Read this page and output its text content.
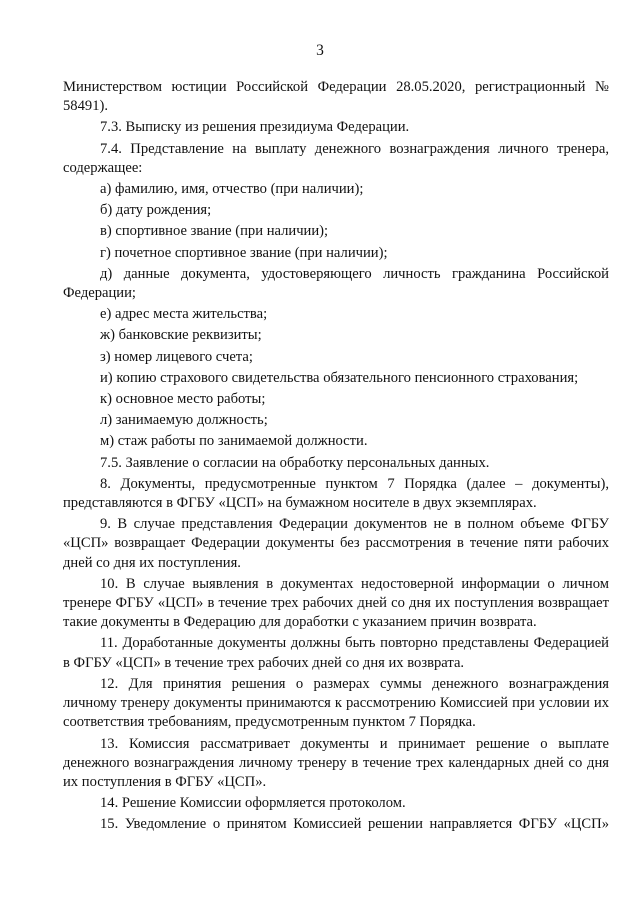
3

Министерством юстиции Российской Федерации 28.05.2020, регистрационный № 58491).

7.3. Выписку из решения президиума Федерации.

7.4. Представление на выплату денежного вознаграждения личного тренера, содержащее:

а) фамилию, имя, отчество (при наличии);

б) дату рождения;

в) спортивное звание (при наличии);

г) почетное спортивное звание (при наличии);

д) данные документа, удостоверяющего личность гражданина Российской Федерации;

е) адрес места жительства;

ж) банковские реквизиты;

з) номер лицевого счета;

и) копию страхового свидетельства обязательного пенсионного страхования;

к) основное место работы;

л) занимаемую должность;

м) стаж работы по занимаемой должности.

7.5. Заявление о согласии на обработку персональных данных.

8. Документы, предусмотренные пунктом 7 Порядка (далее – документы), представляются в ФГБУ «ЦСП» на бумажном носителе в двух экземплярах.

9. В случае представления Федерации документов не в полном объеме ФГБУ «ЦСП» возвращает Федерации документы без рассмотрения в течение пяти рабочих дней со дня их поступления.

10. В случае выявления в документах недостоверной информации о личном тренере ФГБУ «ЦСП» в течение трех рабочих дней со дня их поступления возвращает такие документы в Федерацию для доработки с указанием причин возврата.

11. Доработанные документы должны быть повторно представлены Федерацией в ФГБУ «ЦСП» в течение трех рабочих дней со дня их возврата.

12. Для принятия решения о размерах суммы денежного вознаграждения личному тренеру документы принимаются к рассмотрению Комиссией при условии их соответствия требованиям, предусмотренным пунктом 7 Порядка.

13. Комиссия рассматривает документы и принимает решение о выплате денежного вознаграждения личному тренеру в течение трех календарных дней со дня их поступления в ФГБУ «ЦСП».

14. Решение Комиссии оформляется протоколом.

15. Уведомление о принятом Комиссией решении направляется ФГБУ «ЦСП»
